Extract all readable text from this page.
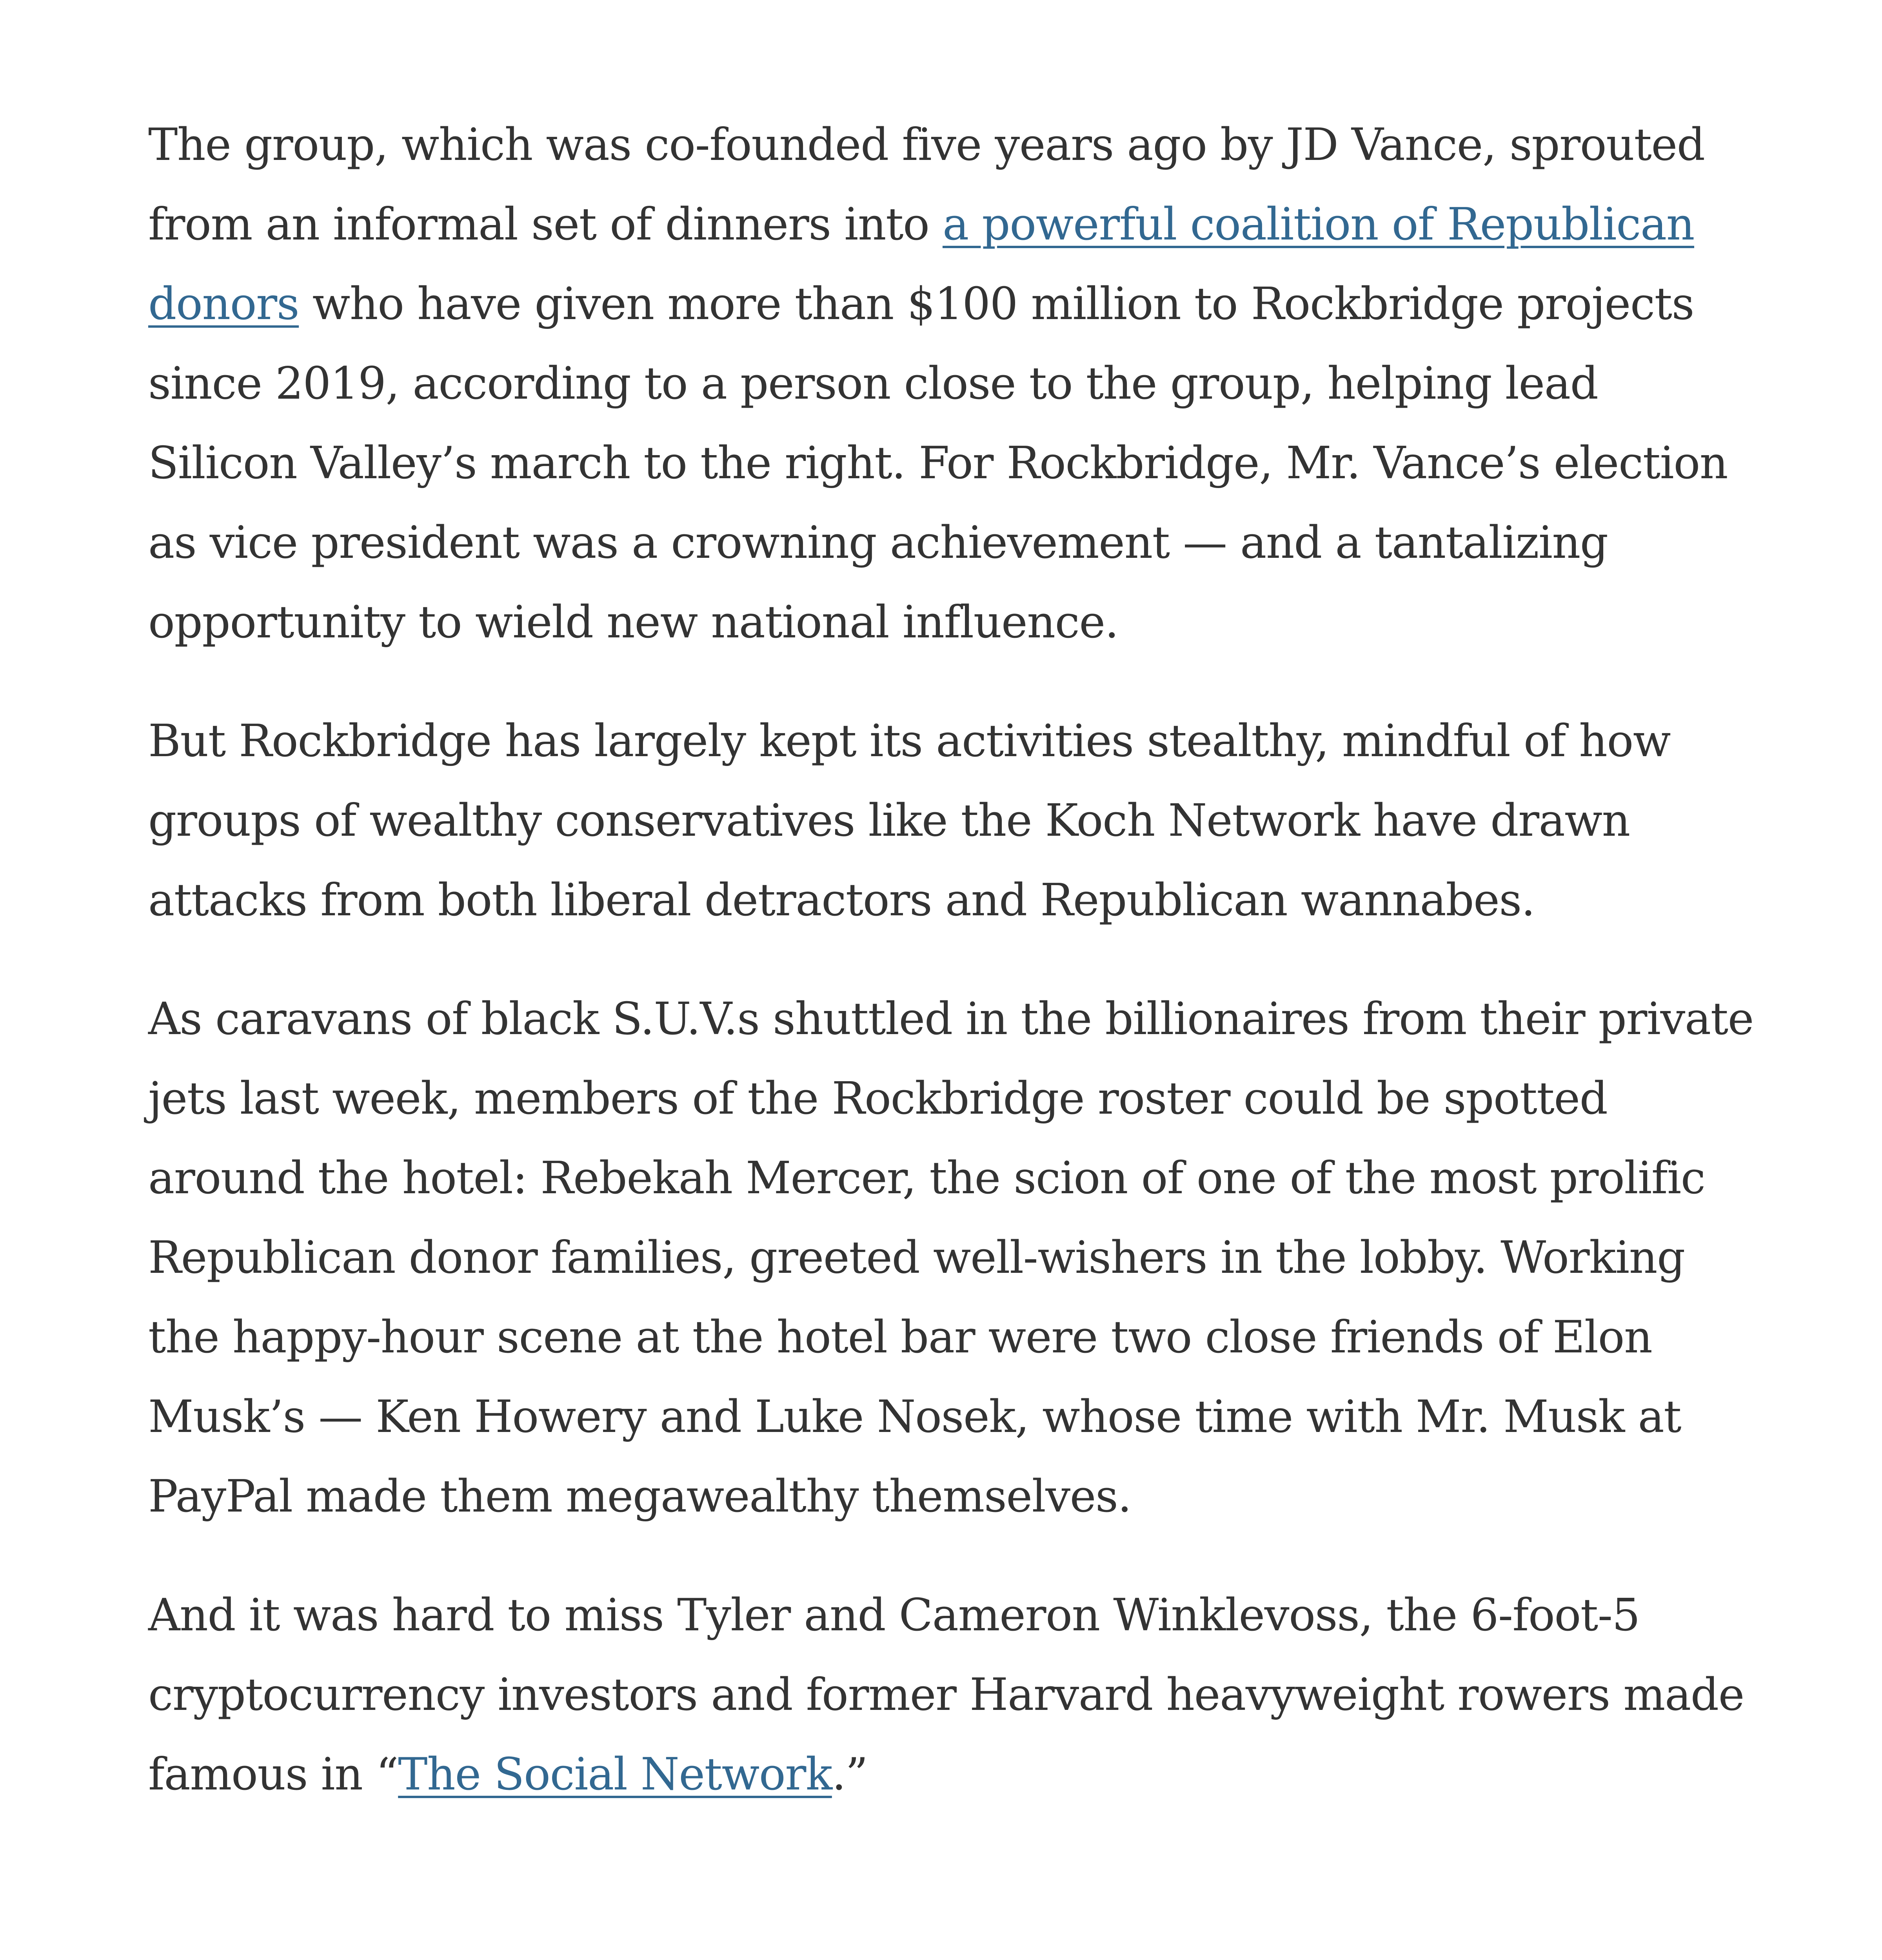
The group, which was co-founded five years ago by JD Vance, sprouted from an informal set of dinners into a powerful coalition of Republican donors who have given more than $100 million to Rockbridge projects since 2019, according to a person close to the group, helping lead Silicon Valley’s march to the right. For Rockbridge, Mr. Vance’s election as vice president was a crowning achievement — and a tantalizing opportunity to wield new national influence.

But Rockbridge has largely kept its activities stealthy, mindful of how groups of wealthy conservatives like the Koch Network have drawn attacks from both liberal detractors and Republican wannabes.

As caravans of black S.U.V.s shuttled in the billionaires from their private jets last week, members of the Rockbridge roster could be spotted around the hotel: Rebekah Mercer, the scion of one of the most prolific Republican donor families, greeted well-wishers in the lobby. Working the happy-hour scene at the hotel bar were two close friends of Elon Musk’s — Ken Howery and Luke Nosek, whose time with Mr. Musk at PayPal made them megawealthy themselves.

And it was hard to miss Tyler and Cameron Winklevoss, the 6-foot-5 cryptocurrency investors and former Harvard heavyweight rowers made famous in “The Social Network.”
